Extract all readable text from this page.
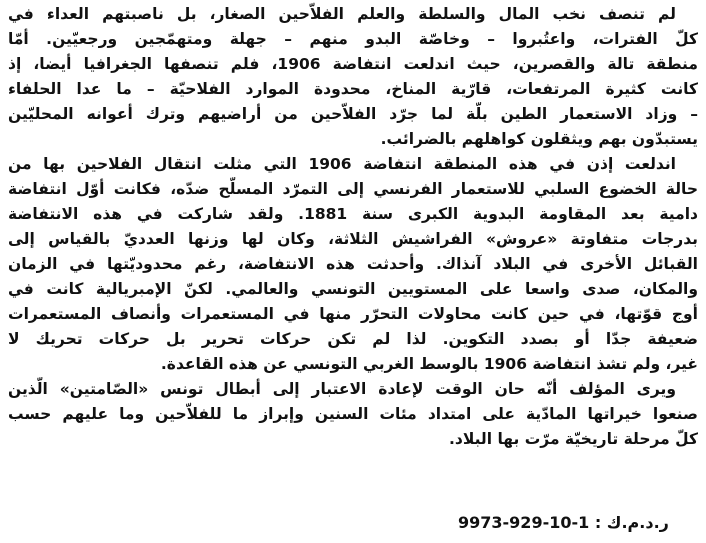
لم تنصف نخب المال والسلطة والعلم الفلاّحين الصغار، بل ناصبتهم العداء في
كلّ الفترات، واعتُبروا – وخاصّة البدو منهم – جهلة ومتهمّجين ورجعيّين. أمّا
منطقة تالة والقصرين، حيث اندلعت انتفاضة 1906، فلم تنصفها الجغرافيا أيضا، إذ
كانت كثيرة المرتفعات، قارّية المناخ، محدودة الموارد الفلاحيّة – ما عدا الحلفاء
– وزاد الاستعمار الطين بلّة لما جرّد الفلاّحين من أراضيهم وترك أعوانه المحليّين
يستبدّون بهم ويثقلون كواهلهم بالضرائب.
اندلعت إذن في هذه المنطقة انتفاضة 1906 التي مثلت انتقال الفلاحين بها من
حالة الخضوع السلبي للاستعمار الفرنسي إلى التمرّد المسلّح ضدّه، فكانت أوّل انتفاضة
دامية بعد المقاومة البدوية الكبرى سنة 1881. ولقد شاركت في هذه الانتفاضة
بدرجات متفاوتة «عروش» الفراشيش الثلاثة، وكان لها وزنها العدديّ بالقياس إلى
القبائل الأخرى في البلاد آنذاك. وأحدثت هذه الانتفاضة، رغم محدوديّتها في الزمان
والمكان، صدى واسعا على المستويين التونسي والعالمي. لكنّ الإمبريالية كانت في
أوج قوّتها، في حين كانت محاولات التحرّر منها في المستعمرات وأنصاف المستعمرات
ضعيفة جدّا أو بصدد التكوين. لذا لم تكن حركات تحرير بل حركات تحريك لا
غير، ولم تشذ انتفاضة 1906 بالوسط الغربي التونسي عن هذه القاعدة.
ويرى المؤلف أنّه حان الوقت لإعادة الاعتبار إلى أبطال تونس «الصّامتين» الّذين
صنعوا خيراتها المادّية على امتداد مئات السنين وإبراز ما للفلاّحين وما عليهم حسب
كلّ مرحلة تاريخيّة مرّت بها البلاد.
ر.د.م.ك : 1-10-929-9973
